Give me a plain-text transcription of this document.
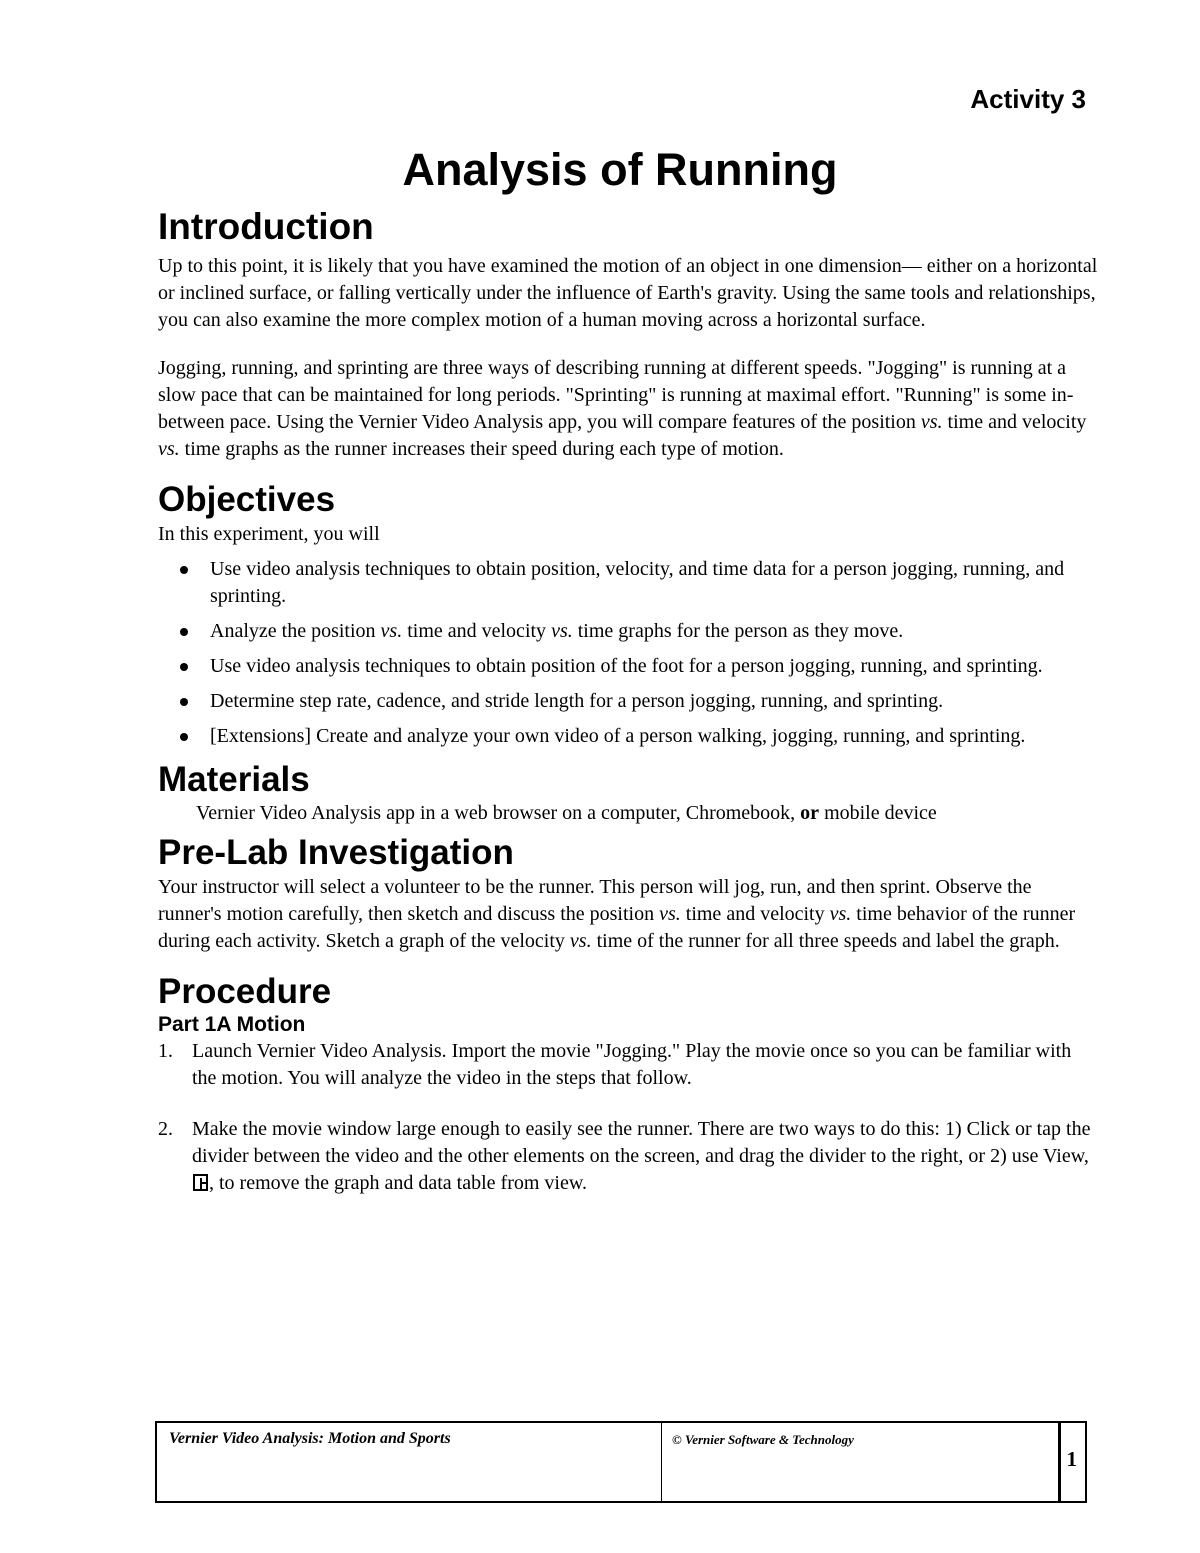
Activity 3
Analysis of Running
Introduction

Up to this point, it is likely that you have examined the motion of an object in one dimension— either on a horizontal or inclined surface, or falling vertically under the influence of Earth's gravity. Using the same tools and relationships, you can also examine the more complex motion of a human moving across a horizontal surface.

Jogging, running, and sprinting are three ways of describing running at different speeds. "Jogging" is running at a slow pace that can be maintained for long periods. "Sprinting" is running at maximal effort. "Running" is some in-between pace. Using the Vernier Video Analysis app, you will compare features of the position vs. time and velocity vs. time graphs as the runner increases their speed during each type of motion.

Objectives

In this experiment, you will

Use video analysis techniques to obtain position, velocity, and time data for a person jogging, running, and sprinting.
Analyze the position vs. time and velocity vs. time graphs for the person as they move.
Use video analysis techniques to obtain position of the foot for a person jogging, running, and sprinting.
Determine step rate, cadence, and stride length for a person jogging, running, and sprinting.
[Extensions] Create and analyze your own video of a person walking, jogging, running, and sprinting.
Materials
Vernier Video Analysis app in a web browser on a computer, Chromebook, or mobile device
Pre-Lab Investigation

Your instructor will select a volunteer to be the runner. This person will jog, run, and then sprint. Observe the runner's motion carefully, then sketch and discuss the position vs. time and velocity vs. time behavior of the runner during each activity. Sketch a graph of the velocity vs. time of the runner for all three speeds and label the graph.

Procedure
Part 1A Motion
1. Launch Vernier Video Analysis. Import the movie "Jogging." Play the movie once so you can be familiar with the motion. You will analyze the video in the steps that follow.
2. Make the movie window large enough to easily see the runner. There are two ways to do this: 1) Click or tap the divider between the video and the other elements on the screen, and drag the divider to the right, or 2) use View, , to remove the graph and data table from view.
Vernier Video Analysis: Motion and Sports	© Vernier Software & Technology
1
